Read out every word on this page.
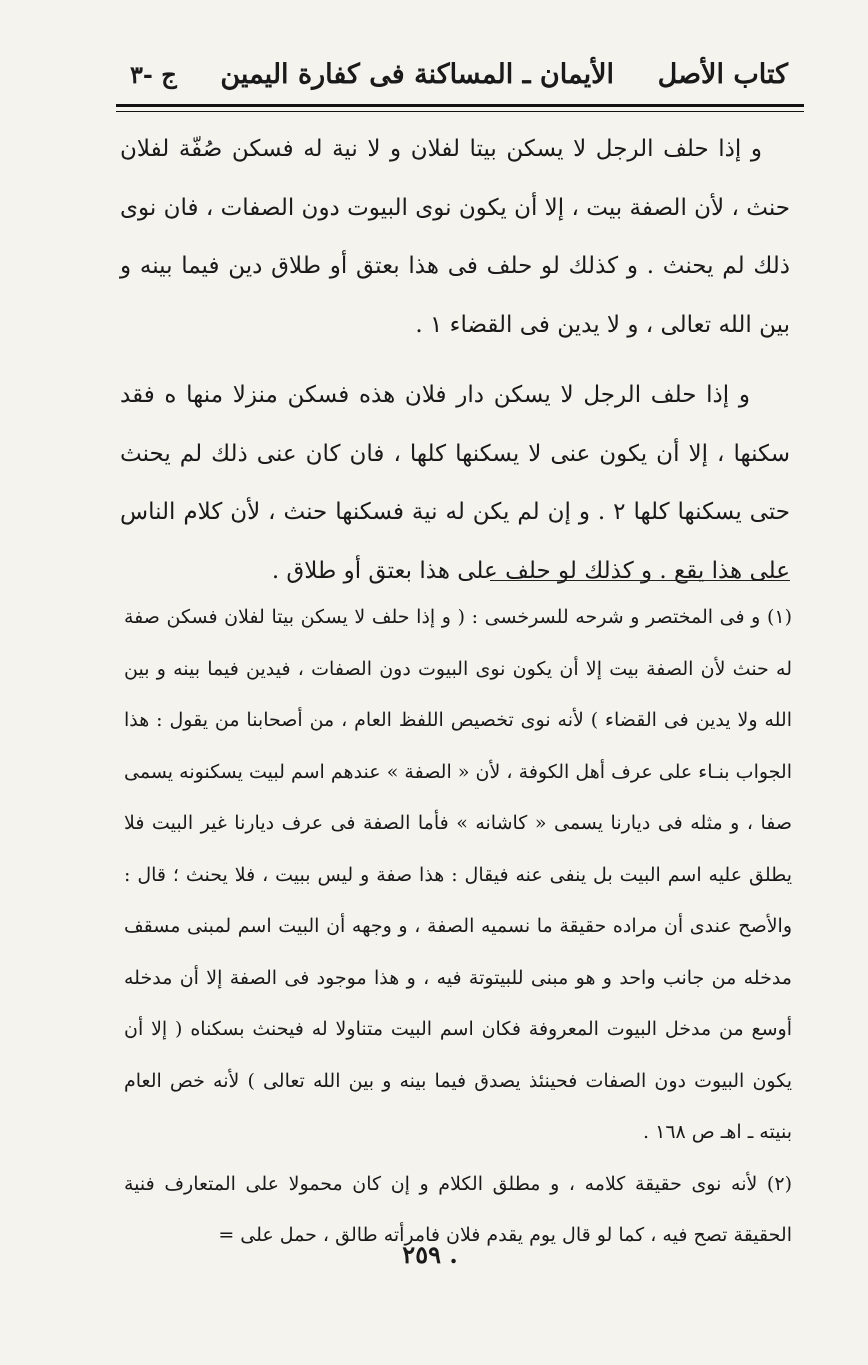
كتاب الأصل
الأيمان ـ المساكنة فى كفارة اليمين
ج -٣

و إذا حلف الرجل لا يسكن بيتا لفلان و لا نية له فسكن صُفّة لفلان حنث ، لأن الصفة بيت ، إلا أن يكون نوى البيوت دون الصفات ، فان نوى ذلك لم يحنث . و كذلك لو حلف فى هذا بعتق أو طلاق دين فيما بينه و بين الله تعالى ، و لا يدين فى القضاء ١ .

و إذا حلف الرجل لا يسكن دار فلان هذه فسكن منزلا منها ه فقد سكنها ، إلا أن يكون عنى لا يسكنها كلها ، فان كان عنى ذلك لم يحنث حتى يسكنها كلها ٢ . و إن لم يكن له نية فسكنها حنث ، لأن كلام الناس على هذا يقع . و كذلك لو حلف على هذا بعتق أو طلاق .

(١) و فى المختصر و شرحه للسرخسى : ( و إذا حلف لا يسكن بيتا لفلان فسكن صفة له حنث لأن الصفة بيت إلا أن يكون نوى البيوت دون الصفات ، فيدين فيما بينه و بين الله ولا يدين فى القضاء ) لأنه نوى تخصيص اللفظ العام ، من أصحابنا من يقول : هذا الجواب بنـاء على عرف أهل الكوفة ، لأن « الصفة » عندهم اسم لبيت يسكنونه يسمى صفا ، و مثله فى ديارنا يسمى « كاشانه » فأما الصفة فى عرف ديارنا غير البيت فلا يطلق عليه اسم البيت بل ينفى عنه فيقال : هذا صفة و ليس ببيت ، فلا يحنث ؛ قال : والأصح عندى أن مراده حقيقة ما نسميه الصفة ، و وجهه أن البيت اسم لمبنى مسقف مدخله من جانب واحد و هو مبنى للبيتوتة فيه ، و هذا موجود فى الصفة إلا أن مدخله أوسع من مدخل البيوت المعروفة فكان اسم البيت متناولا له فيحنث بسكناه ( إلا أن يكون البيوت دون الصفات فحينئذ يصدق فيما بينه و بين الله تعالى ) لأنه خص العام بنيته ـ اهـ ص ١٦٨ .

(٢) لأنه نوى حقيقة كلامه ، و مطلق الكلام و إن كان محمولا على المتعارف فنية الحقيقة تصح فيه ، كما لو قال يوم يقدم فلان فامرأته طالق ، حمل على =

. ٢٥٩
